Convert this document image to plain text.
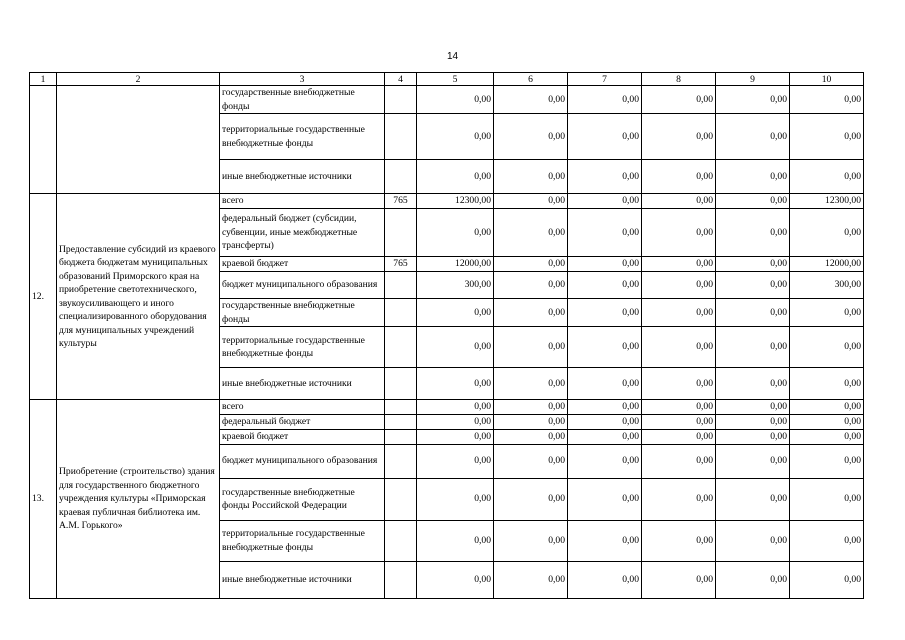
14
1	2	3	4	5	6	7	8	9	10
		государственные внебюджетные фонды		0,00	0,00	0,00	0,00	0,00	0,00
		территориальные государственные внебюджетные фонды		0,00	0,00	0,00	0,00	0,00	0,00
		иные внебюджетные источники		0,00	0,00	0,00	0,00	0,00	0,00
12.	Предоставление субсидий из краевого бюджета бюджетам муниципальных образований Приморского края на приобретение светотехнического, звукоусиливающего и иного специализированного оборудования для муниципальных учреждений культуры	всего	765	12300,00	0,00	0,00	0,00	0,00	12300,00
		федеральный бюджет (субсидии, субвенции, иные межбюджетные трансферты)		0,00	0,00	0,00	0,00	0,00	0,00
		краевой бюджет	765	12000,00	0,00	0,00	0,00	0,00	12000,00
		бюджет муниципального образования		300,00	0,00	0,00	0,00	0,00	300,00
		государственные внебюджетные фонды		0,00	0,00	0,00	0,00	0,00	0,00
		территориальные государственные внебюджетные фонды		0,00	0,00	0,00	0,00	0,00	0,00
		иные внебюджетные источники		0,00	0,00	0,00	0,00	0,00	0,00
13.	Приобретение (строительство) здания для государственного бюджетного учреждения культуры «Приморская краевая публичная библиотека им. А.М. Горького»	всего		0,00	0,00	0,00	0,00	0,00	0,00
		федеральный бюджет		0,00	0,00	0,00	0,00	0,00	0,00
		краевой бюджет		0,00	0,00	0,00	0,00	0,00	0,00
		бюджет муниципального образования		0,00	0,00	0,00	0,00	0,00	0,00
		государственные внебюджетные фонды Российской Федерации		0,00	0,00	0,00	0,00	0,00	0,00
		территориальные государственные внебюджетные фонды		0,00	0,00	0,00	0,00	0,00	0,00
		иные внебюджетные источники		0,00	0,00	0,00	0,00	0,00	0,00
